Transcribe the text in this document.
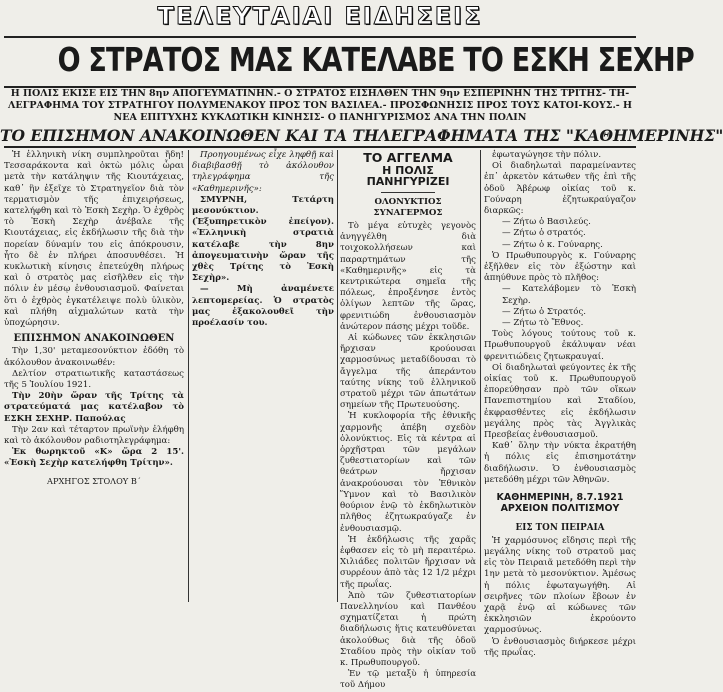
ΤΕΛΕΥΤΑΙΑΙ ΕΙΔΗΣΕΙΣ
Ο ΣΤΡΑΤΟΣ ΜΑΣ ΚΑΤΕΛΑΒΕ ΤΟ ΕΣΚΗ ΣΕΧΗΡ
Η ΠΟΛΙΣ ΕΚΙΣΕ ΕΙΣ ΤΗΝ 8ην ΑΠΟΓΕΥΜΑΤΙΝΗΝ.- Ο ΣΤΡΑΤΟΣ ΕΙΣΗΛΘΕΝ ΤΗΝ 9ην ΕΣΠΕΡΙΝΗΝ ΤΗΣ ΤΡΙΤΗΣ- ΤΗ-ΛΕΓΡΑΦΗΜΑ ΤΟΥ ΣΤΡΑΤΗΓΟΥ ΠΟΛΥΜΕΝΑΚΟΥ ΠΡΟΣ ΤΟΝ ΒΑΣΙΛΕΑ.- ΠΡΟΣΦΩΝΗΣΙΣ ΠΡΟΣ ΤΟΥΣ ΚΑΤΟΙ-ΚΟΥΣ.- Η ΝΕΑ ΕΠΙΤΥΧΗΣ ΚΥΚΛΩΤΙΚΗ ΚΙΝΗΣΙΣ- Ο ΠΑΝΗΓΥΡΙΣΜΟΣ ΑΝΑ ΤΗΝ ΠΟΛΙΝ
ΤΟ ΕΠΙΣΗΜΟΝ ΑΝΑΚΟΙΝΩΘΕΝ ΚΑΙ ΤΑ ΤΗΛΕΓΡΑΦΗΜΑΤΑ ΤΗΣ "ΚΑΘΗΜΕΡΙΝΗΣ"

Ἡ ἑλληνικὴ νίκη συμπληροῦται ἤδη! Τεσσαράκοντα καὶ ὀκτὼ μόλις ὧραι μετὰ τὴν κατάληψιν τῆς Κιουτάχειας, καθ᾽ ἣν ἐξεῖχε τὸ Στρατηγεῖον διὰ τὸν τερματισμὸν τῆς ἐπιχειρήσεως, κατελήφθη καὶ τὸ Ἐσκὴ Σεχὴρ. Ὁ ἐχθρὸς τὸ Ἐσκὴ Σεχὴρ ἀνέβαλε τῆς Κιουτάχειας, εἰς ἐκδήλωσιν τῆς διὰ τὴν πορείαν δύναμίν του εἰς ἀπόκρουσιν, ἦτο δὲ ἐν πλήρει ἀποσυνθέσει. Ἡ κυκλωτικὴ κίνησις ἐπετεύχθη πλήρως καὶ ὁ στρατὸς μας εἰσῆλθεν εἰς τὴν πόλιν ἐν μέσῳ ἐνθουσιασμοῦ. Φαίνεται ὅτι ὁ ἐχθρὸς ἐγκατέλειψε πολὺ ὑλικὸν, καὶ πλήθη αἰχμαλώτων κατὰ τὴν ὑποχώρησιν.

ΕΠΙΣΗΜΟΝ ΑΝΑΚΟΙΝΩΘΕΝ

Τὴν 1,30' μεταμεσονύκτιον ἐδόθη τὸ ἀκόλουθον ἀνακοινωθέν:

Δελτίον στρατιωτικῆς καταστάσεως τῆς 5 Ἰουλίου 1921.

Τὴν 20ὴν ὥραν τῆς Τρίτης τὰ στρατεύματά μας κατέλαβον τὸ ΕΣΚΗ ΣΕΧΗΡ. Παπούλας

Τὴν 2αν καὶ τέταρτον πρωϊνὴν ἐλήφθη καὶ τὸ ἀκόλουθον ραδιοτηλεγράφημα:

Ἐκ θωρηκτοῦ «Κ» ὥρα 2 15'. «Ἐσκὴ Σεχὴρ κατελήφθη Τρίτην».

ΑΡΧΗΓΟΣ ΣΤΟΛΟΥ Β΄

Προηγουμένως εἶχε ληφθῇ καὶ διαβιβασθῇ τὸ ἀκόλουθον τηλεγράφημα τῆς «Καθημερινῆς»:

ΣΜΥΡΝΗ, Τετάρτη μεσονύκτιον. (Ἐξυπηρετικὸν ἐπείγον). «Ἑλληνικὴ στρατιὰ κατέλαβε τὴν 8ην ἀπογευματινὴν ὥραν τῆς χθὲς Τρίτης τὸ Ἐσκὴ Σεχὴρ».

— Μὴ ἀναμένετε λεπτομερείας. Ὁ στρατὸς μας ἐξακολουθεῖ τὴν προέλασίν του.

ΤΟ ΑΓΓΕΛΜΑ
Η ΠΟΛΙΣ ΠΑΝΗΓΥΡΙΖΕΙ
ΟΛΟΝΥΚΤΙΟΣ ΣΥΝΑΓΕΡΜΟΣ

Τὸ μέγα εὐτυχὲς γεγονὸς ἀνηγγέλθη διὰ τοιχοκολλήσεων καὶ παραρτημάτων τῆς «Καθημερινῆς» εἰς τὰ κεντρικώτερα σημεῖα τῆς πόλεως, ἐπροξένησε ἐντὸς ὀλίγων λεπτῶν τῆς ὥρας, φρενιτιώδη ἐνθουσιασμὸν ἀνώτερον πάσης μέχρι τοῦδε.

Αἱ κώδωνες τῶν ἐκκλησιῶν ἤρχισαν κρούουσαι χαρμοσύνως μεταδίδουσαι τὸ ἄγγελμα τῆς ἀπεράντου ταύτης νίκης τοῦ ἑλληνικοῦ στρατοῦ μέχρι τῶν ἀπωτάτων σημείων τῆς Πρωτευούσης.

Ἡ κυκλοφορία τῆς ἐθνικῆς χαρμονῆς ἀπέβη σχεδὸν ὁλονύκτιος. Εἰς τὰ κέντρα αἱ ὀρχῆστραι τῶν μεγάλων ζυθεστιατορίων καὶ τῶν θεάτρων ἤρχισαν ἀνακρούουσαι τὸν Ἐθνικὸν Ὕμνον καὶ τὸ Βασιλικὸν θούριον ἐνῷ τὸ ἐκδηλωτικὸν πλῆθος ἐζητωκραύγαζε ἐν ἐνθουσιασμῷ.

Ἡ ἐκδήλωσις τῆς χαρᾶς ἐφθασεν εἰς τὸ μὴ περαιτέρω. Χιλιάδες πολιτῶν ἤρχισαν νὰ συρρέουν ἀπὸ τὰς 12 1/2 μέχρι τῆς πρωΐας.

Ἀπὸ τῶν ζυθεστιατορίων Πανελληνίου καὶ Πανθέου σχηματίζεται ἡ πρώτη διαδήλωσις ἥτις κατευθύνεται ἀκολούθως διὰ τῆς ὁδοῦ Σταδίου πρὸς τὴν οἰκίαν τοῦ κ. Πρωθυπουργοῦ.

Ἐν τῷ μεταξὺ ἡ ὑπηρεσία τοῦ Δήμου

ἐφωταγώγησε τὴν πόλιν.

Οἱ διαδηλωταὶ παραμείναντες ἐπ᾽ ἀρκετὸν κάτωθεν τῆς ἐπὶ τῆς ὁδοῦ Ἀβέρωφ οἰκίας τοῦ κ. Γούναρη ἐζητωκραύγαζον διαρκῶς:

— Ζήτω ὁ Βασιλεύς.
— Ζήτω ὁ στρατός.
— Ζήτω ὁ κ. Γούναρης.

Ὁ Πρωθυπουργὸς κ. Γούναρης ἐξῆλθεν εἰς τὸν ἐξώστην καὶ ἀπηύθυνε πρὸς τὸ πλῆθος:

— Κατελάβομεν τὸ Ἐσκὴ Σεχὴρ.
— Ζήτω ὁ Στρατός.
— Ζήτω τὸ Ἔθνος.

Τοὺς λόγους τούτους τοῦ κ. Πρωθυπουργοῦ ἐκάλυψαν νέαι φρενιτιώδεις ζητωκραυγαί.

Οἱ διαδηλωταὶ φεύγοντες ἐκ τῆς οἰκίας τοῦ κ. Πρωθυπουργοῦ ἐπορεύθησαν πρὸ τῶν οἴκων Πανεπιστημίου καὶ Σταδίου, ἐκφρασθέντες εἰς ἐκδήλωσιν μεγάλης πρὸς τὰς Ἀγγλικὰς Πρεσβείας ἐνθουσιασμοῦ.

Καθ᾽ ὅλην τὴν νύκτα ἐκρατήθη ἡ πόλις εἰς ἐπισημοτάτην διαδήλωσιν. Ὁ ἐνθουσιασμὸς μετεδόθη μέχρι τῶν Ἀθηνῶν.

ΚΑΘΗΜΕΡΙΝΗ, 8.7.1921
ΑΡΧΕΙΟΝ ΠΟΛΙΤΙΣΜΟΥ
ΕΙΣ ΤΟΝ ΠΕΙΡΑΙΑ

Ἡ χαρμόσυνος εἴδησις περὶ τῆς μεγάλης νίκης τοῦ στρατοῦ μας εἰς τὸν Πειραιᾶ μετεδόθη περὶ τὴν 1ην μετὰ τὸ μεσονύκτιον. Ἀμέσως ἡ πόλις ἐφωταγωγήθη. Αἱ σειρῆνες τῶν πλοίων ἔβοων ἐν χαρᾷ ἐνῷ αἱ κώδωνες τῶν ἐκκλησιῶν ἐκρούοντο χαρμοσύνως.

Ὁ ἐνθουσιασμὸς διήρκεσε μέχρι τῆς πρωΐας.
